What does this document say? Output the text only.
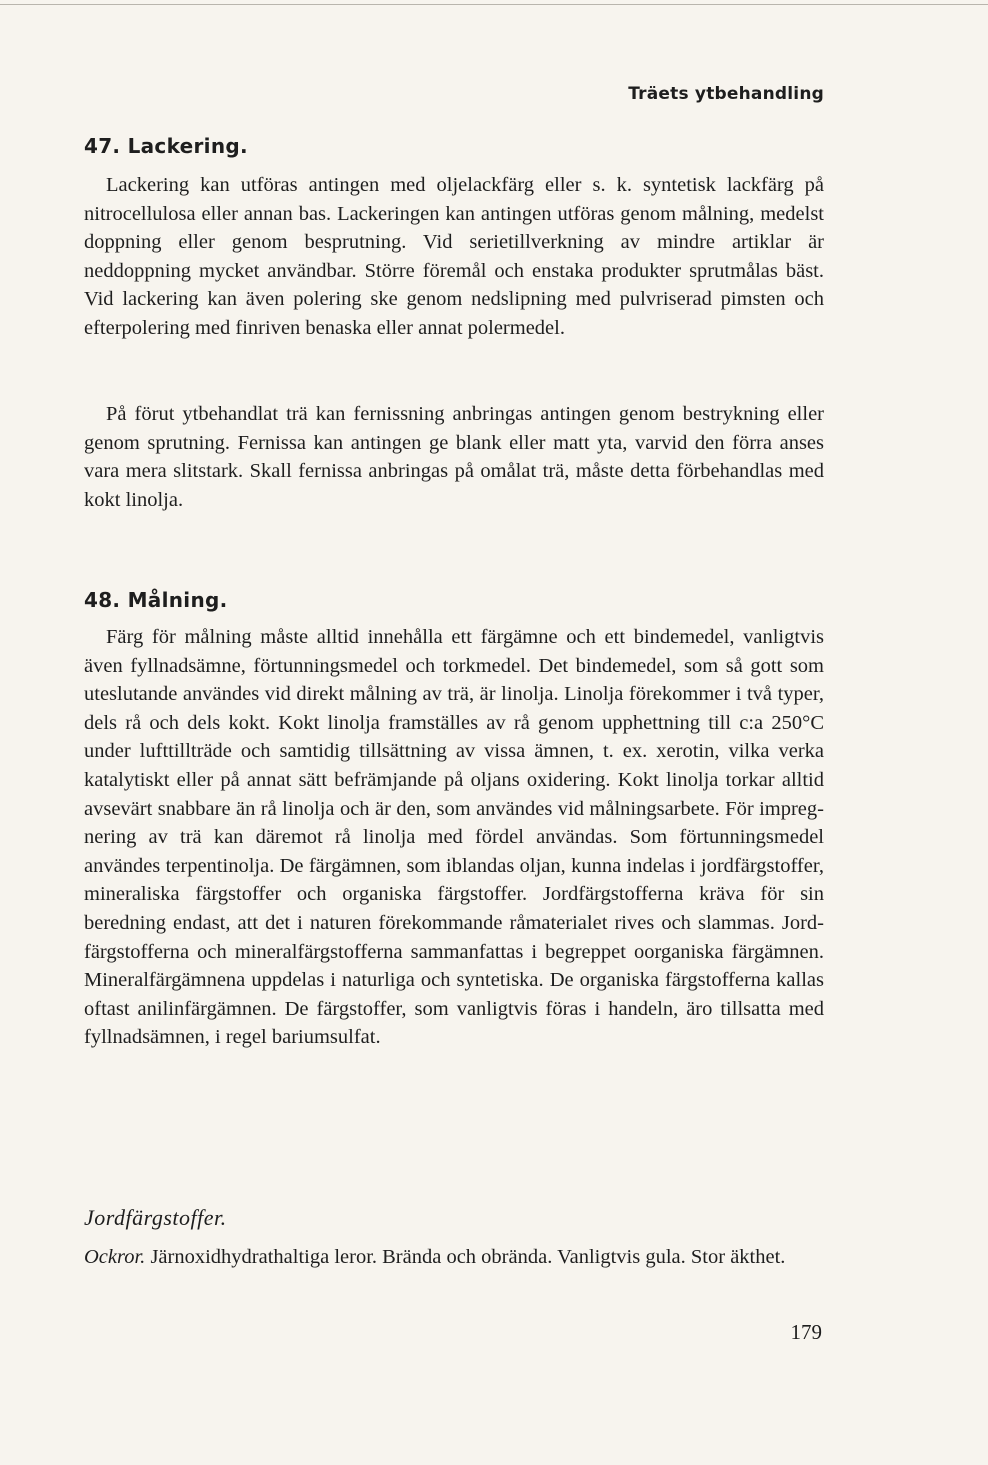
Träets ytbehandling
47. Lackering.

Lackering kan utföras antingen med oljelackfärg eller s. k. syntetisk lackfärg på nitrocellulosa eller annan bas. Lackeringen kan antingen utföras genom målning, medelst doppning eller genom besprutning. Vid serietillverkning av mindre artiklar är neddoppning mycket användbar. Större föremål och enstaka produkter sprutmålas bäst. Vid lackering kan även polering ske genom nedslipning med pulvriserad pimsten och efterpolering med finriven benaska eller annat polermedel.

På förut ytbehandlat trä kan fernissning anbringas antingen genom bestrykning eller genom sprutning. Fernissa kan antingen ge blank eller matt yta, varvid den förra anses vara mera slitstark. Skall fernissa anbringas på omålat trä, måste detta förbehandlas med kokt linolja.

48. Målning.

Färg för målning måste alltid innehålla ett färgämne och ett bindemedel, vanligtvis även fyllnadsämne, förtunningsmedel och torkmedel. Det bindemedel, som så gott som uteslutande användes vid direkt målning av trä, är linolja. Linolja förekommer i två typer, dels rå och dels kokt. Kokt linolja framställes av rå genom upphettning till c:a 250°C under lufttillträde och samtidig tillsättning av vissa ämnen, t. ex. xerotin, vilka verka katalytiskt eller på annat sätt befrämjande på oljans oxidering. Kokt linolja torkar alltid avsevärt snabbare än rå linolja och är den, som användes vid målningsarbete. För impregnering av trä kan däremot rå linolja med fördel användas. Som förtunningsmedel användes terpentinolja. De färgämnen, som iblandas oljan, kunna indelas i jordfärgstoffer, mineraliska färgstoffer och organiska färgstoffer. Jordfärgstofferna kräva för sin beredning endast, att det i naturen förekommande råmaterialet rives och slammas. Jordfärgstofferna och mineralfärgstofferna sammanfattas i begreppet oorganiska färgämnen. Mineralfärgämnena uppdelas i naturliga och syntetiska. De organiska färgstofferna kallas oftast anilinfärgämnen. De färgstoffer, som vanligtvis föras i handeln, äro tillsatta med fyllnadsämnen, i regel bariumsulfat.

Jordfärgstoffer.

Ockror. Järnoxidhydrathaltiga leror. Brända och obrända. Vanligtvis gula. Stor äkthet.

179
